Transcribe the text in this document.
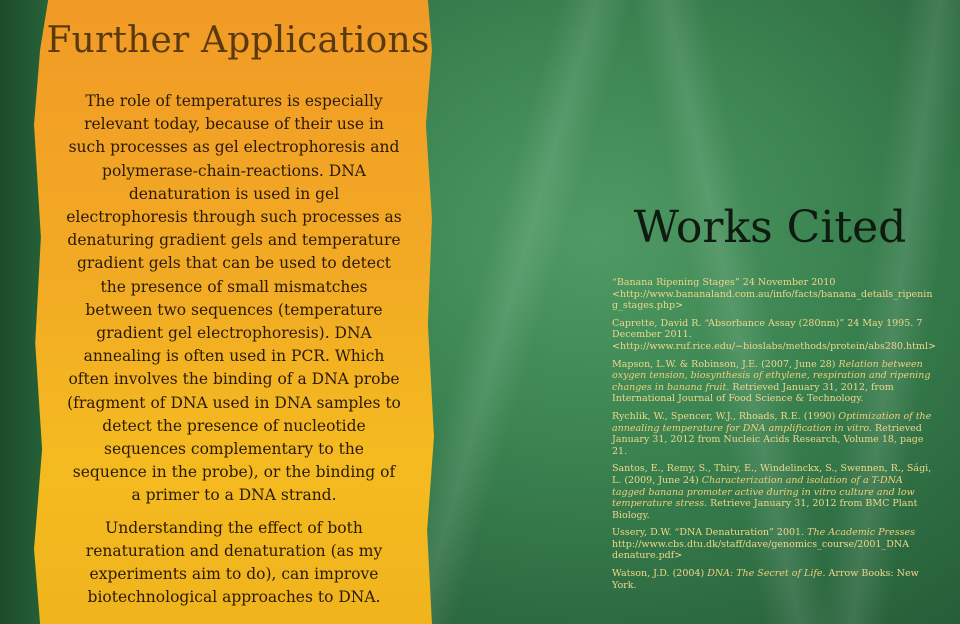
Further Applications

The role of temperatures is especially relevant today, because of their use in such processes as gel electrophoresis and polymerase-chain-reactions. DNA denaturation is used in gel electrophoresis through such processes as denaturing gradient gels and temperature gradient gels that can be used to detect the presence of small mismatches between two sequences (temperature gradient gel electrophoresis). DNA annealing is often used in PCR. Which often involves the binding of a DNA probe (fragment of DNA used in DNA samples to detect the presence of nucleotide sequences complementary to the sequence in the probe), or the binding of a primer to a DNA strand.

Understanding the effect of both renaturation and denaturation (as my experiments aim to do), can improve biotechnological approaches to DNA.

Works Cited

“Banana Ripening Stages” 24 November 2010 <http://www.bananaland.com.au/info/facts/banana_details_ripening_stages.php>

Caprette, David R. “Absorbance Assay (280nm)” 24 May 1995. 7 December 2011. <http://www.ruf.rice.edu/~bioslabs/methods/protein/abs280.html>

Mapson, L.W. & Robinson, J.E. (2007, June 28) Relation between oxygen tension, biosynthesis of ethylene, respiration and ripening changes in banana fruit. Retrieved January 31, 2012, from International Journal of Food Science & Technology.

Rychlik, W., Spencer, W.J., Rhoads, R.E. (1990) Optimization of the annealing temperature for DNA amplification in vitro. Retrieved January 31, 2012 from Nucleic Acids Research, Volume 18, page 21.

Santos, E., Remy, S., Thiry, E., Windelinckx, S., Swennen, R., Sági, L. (2009, June 24) Characterization and isolation of a T-DNA tagged banana promoter active during in vitro culture and low temperature stress. Retrieve January 31, 2012 from BMC Plant Biology.

Ussery, D.W. “DNA Denaturation” 2001. The Academic Presses http://www.cbs.dtu.dk/staff/dave/genomics_course/2001_DNA denature.pdf>

Watson, J.D. (2004) DNA: The Secret of Life. Arrow Books: New York.
